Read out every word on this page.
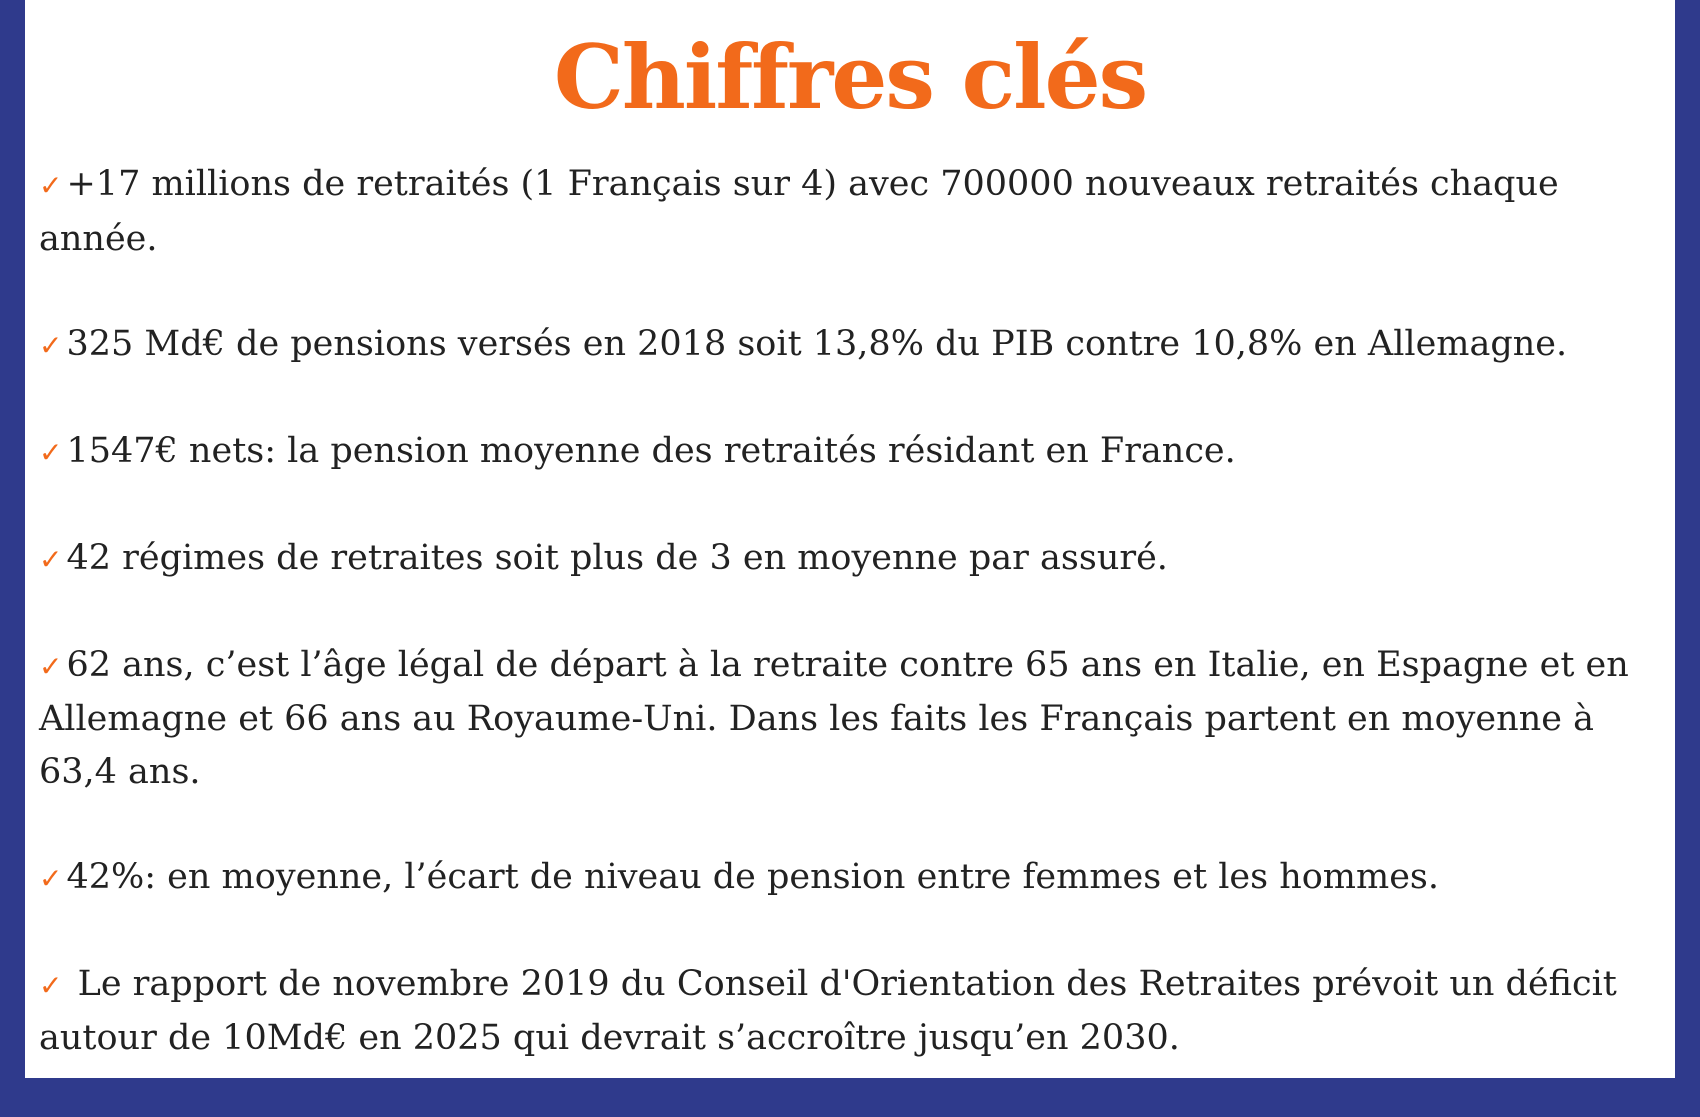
Chiffres clés
✓ +17 millions de retraités (1 Français sur 4) avec 700000 nouveaux retraités chaque année.
✓ 325 Md€ de pensions versés en 2018 soit 13,8% du PIB contre 10,8% en Allemagne.
✓ 1547€ nets: la pension moyenne des retraités résidant en France.
✓ 42 régimes de retraites soit plus de 3 en moyenne par assuré.
✓ 62 ans, c’est l’âge légal de départ à la retraite contre 65 ans en Italie, en Espagne et en Allemagne et 66 ans au Royaume-Uni. Dans les faits les Français partent en moyenne à 63,4 ans.
✓ 42%: en moyenne, l’écart de niveau de pension entre femmes et les hommes.
✓ Le rapport de novembre 2019 du Conseil d'Orientation des Retraites prévoit un déficit autour de 10Md€ en 2025 qui devrait s’accroître jusqu’en 2030.
